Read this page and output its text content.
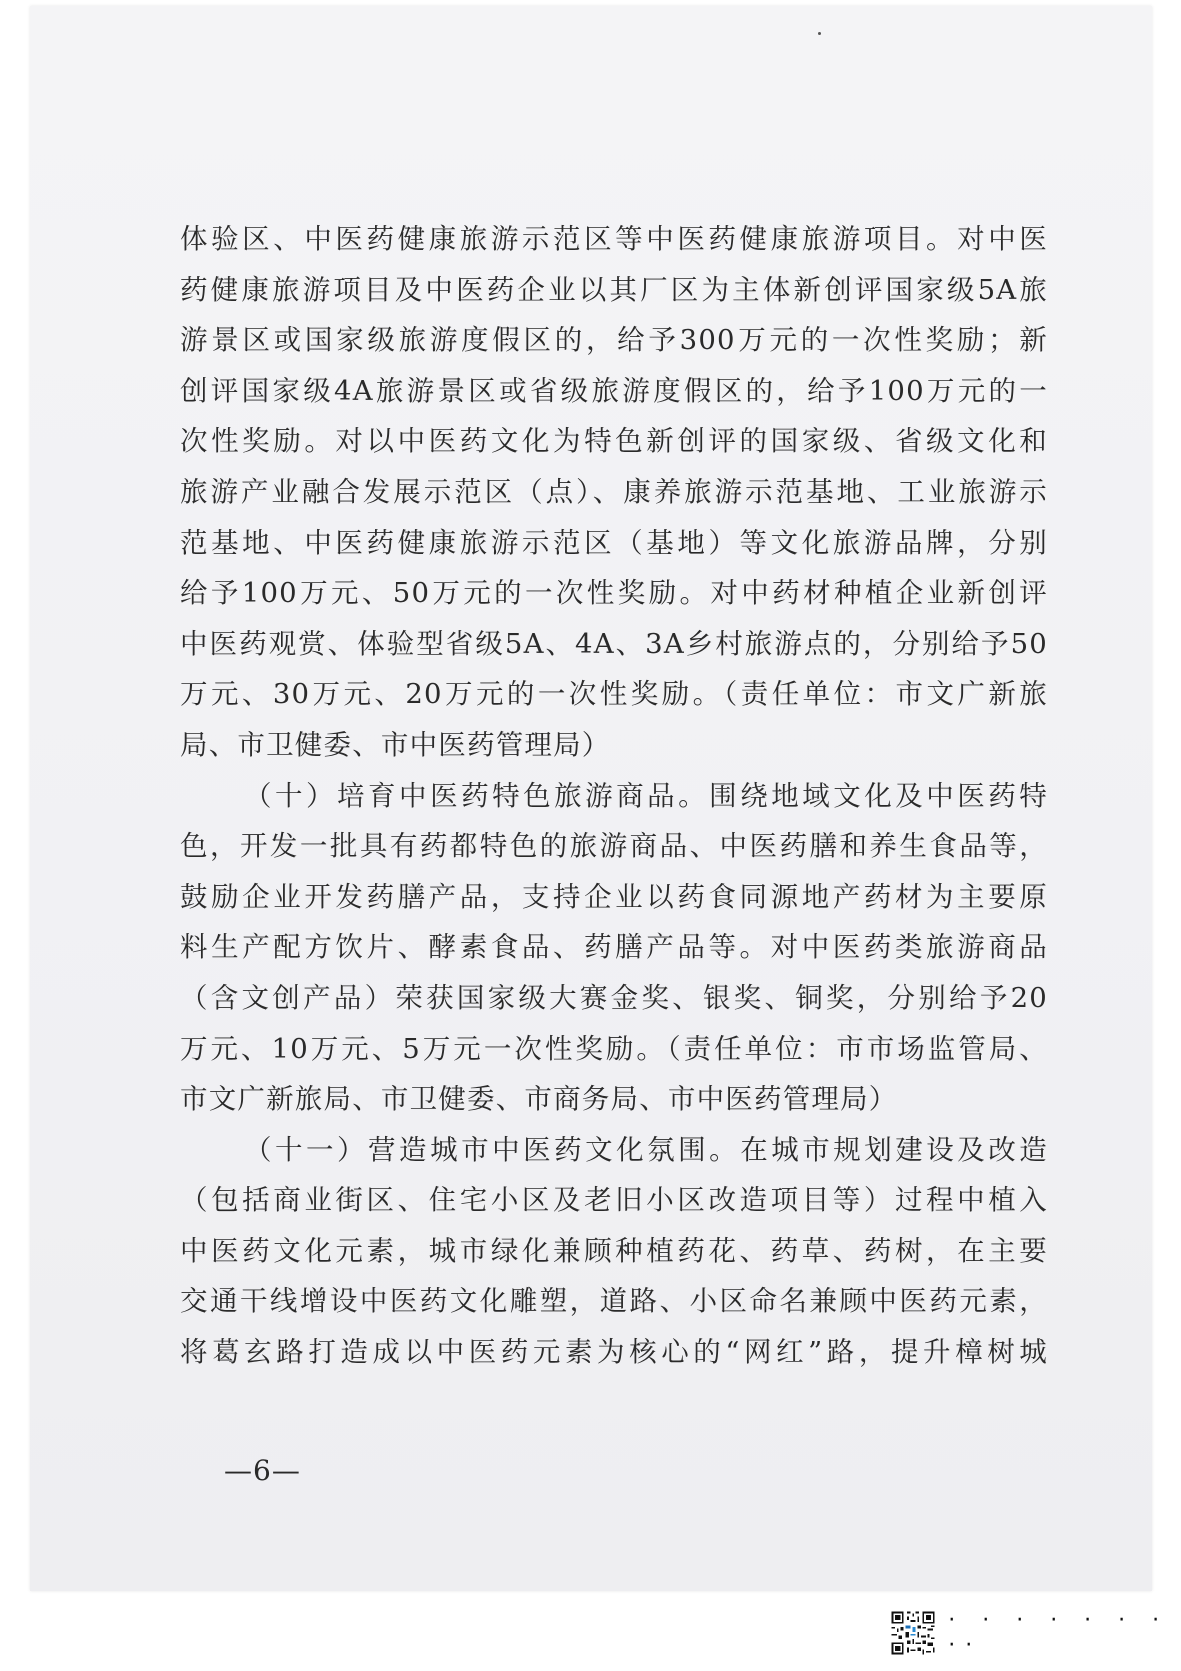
体验区、中医药健康旅游示范区等中医药健康旅游项目。对中医
药健康旅游项目及中医药企业以其厂区为主体新创评国家级5A旅
游景区或国家级旅游度假区的，给予300万元的一次性奖励；新
创评国家级4A旅游景区或省级旅游度假区的，给予100万元的一
次性奖励。对以中医药文化为特色新创评的国家级、省级文化和
旅游产业融合发展示范区（点）、康养旅游示范基地、工业旅游示
范基地、中医药健康旅游示范区（基地）等文化旅游品牌，分别
给予100万元、50万元的一次性奖励。对中药材种植企业新创评
中医药观赏、体验型省级5A、4A、3A乡村旅游点的，分别给予50
万元、30万元、20万元的一次性奖励。（责任单位：市文广新旅
局、市卫健委、市中医药管理局）

（十）培育中医药特色旅游商品。围绕地域文化及中医药特
色，开发一批具有药都特色的旅游商品、中医药膳和养生食品等，
鼓励企业开发药膳产品，支持企业以药食同源地产药材为主要原
料生产配方饮片、酵素食品、药膳产品等。对中医药类旅游商品
（含文创产品）荣获国家级大赛金奖、银奖、铜奖，分别给予20
万元、10万元、5万元一次性奖励。（责任单位：市市场监管局、
市文广新旅局、市卫健委、市商务局、市中医药管理局）

（十一）营造城市中医药文化氛围。在城市规划建设及改造
（包括商业街区、住宅小区及老旧小区改造项目等）过程中植入
中医药文化元素，城市绿化兼顾种植药花、药草、药树，在主要
交通干线增设中医药文化雕塑，道路、小区命名兼顾中医药元素，
将葛玄路打造成以中医药元素为核心的“网红”路，提升樟树城

—6—
· · · · · · · ··
